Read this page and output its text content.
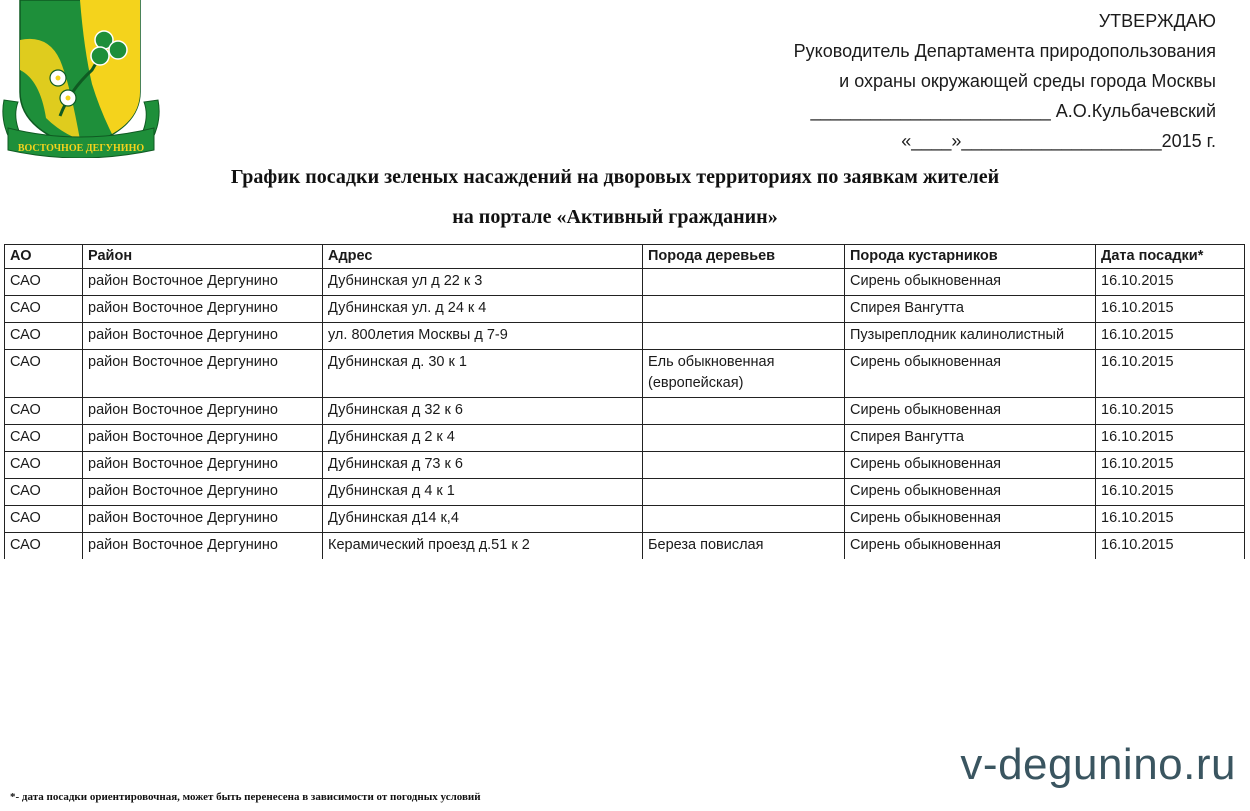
ВОСТОЧНОЕ ДЕГУНИНО
УТВЕРЖДАЮ
Руководитель Департамента природопользования
и охраны окружающей среды города Москвы
________________________ А.О.Кульбачевский
«____»____________________2015 г.
График посадки зеленых насаждений на дворовых территориях по заявкам жителей
на портале «Активный гражданин»
АО	Район	Адрес	Порода деревьев	Порода кустарников	Дата посадки*
САО	район Восточное Дергунино	Дубнинская ул д 22 к 3		Сирень обыкновенная	16.10.2015
САО	район Восточное Дергунино	Дубнинская ул. д 24 к 4		Спирея Вангутта	16.10.2015
САО	район Восточное Дергунино	ул. 800летия Москвы д 7-9		Пузыреплодник калинолистный	16.10.2015
САО	район Восточное Дергунино	Дубнинская д. 30 к 1	Ель обыкновенная (европейская)	Сирень обыкновенная	16.10.2015
САО	район Восточное Дергунино	Дубнинская д 32 к 6		Сирень обыкновенная	16.10.2015
САО	район Восточное Дергунино	Дубнинская д 2 к 4		Спирея Вангутта	16.10.2015
САО	район Восточное Дергунино	Дубнинская д 73 к 6		Сирень обыкновенная	16.10.2015
САО	район Восточное Дергунино	Дубнинская д 4 к 1		Сирень обыкновенная	16.10.2015
САО	район Восточное Дергунино	Дубнинская д14 к,4		Сирень обыкновенная	16.10.2015
САО	район Восточное Дергунино	Керамический проезд д.51 к 2	Береза повислая	Сирень обыкновенная	16.10.2015
v-degunino.ru
*- дата посадки ориентировочная, может быть перенесена в зависимости от погодных условий
